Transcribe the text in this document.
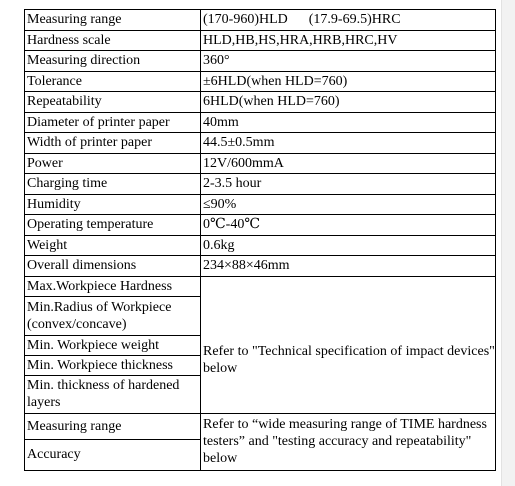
Measuring range	(170-960)HLD      (17.9-69.5)HRC
Hardness scale	HLD,HB,HS,HRA,HRB,HRC,HV
Measuring direction	360°
Tolerance	±6HLD(when HLD=760)
Repeatability	6HLD(when HLD=760)
Diameter of printer paper	40mm
Width of printer paper	44.5±0.5mm
Power	12V/600mmA
Charging time	2-3.5 hour
Humidity	≤90%
Operating temperature	0℃-40℃
Weight	0.6kg
Overall dimensions	234×88×46mm
Max.Workpiece Hardness	Refer to "Technical specification of impact devices" below
Min.Radius of Workpiece (convex/concave)	
Min. Workpiece weight	
Min. Workpiece thickness	
Min. thickness of hardened layers	
Measuring range	Refer to “wide measuring range of TIME hardness testers” and "testing accuracy and repeatability" below
Accuracy	
